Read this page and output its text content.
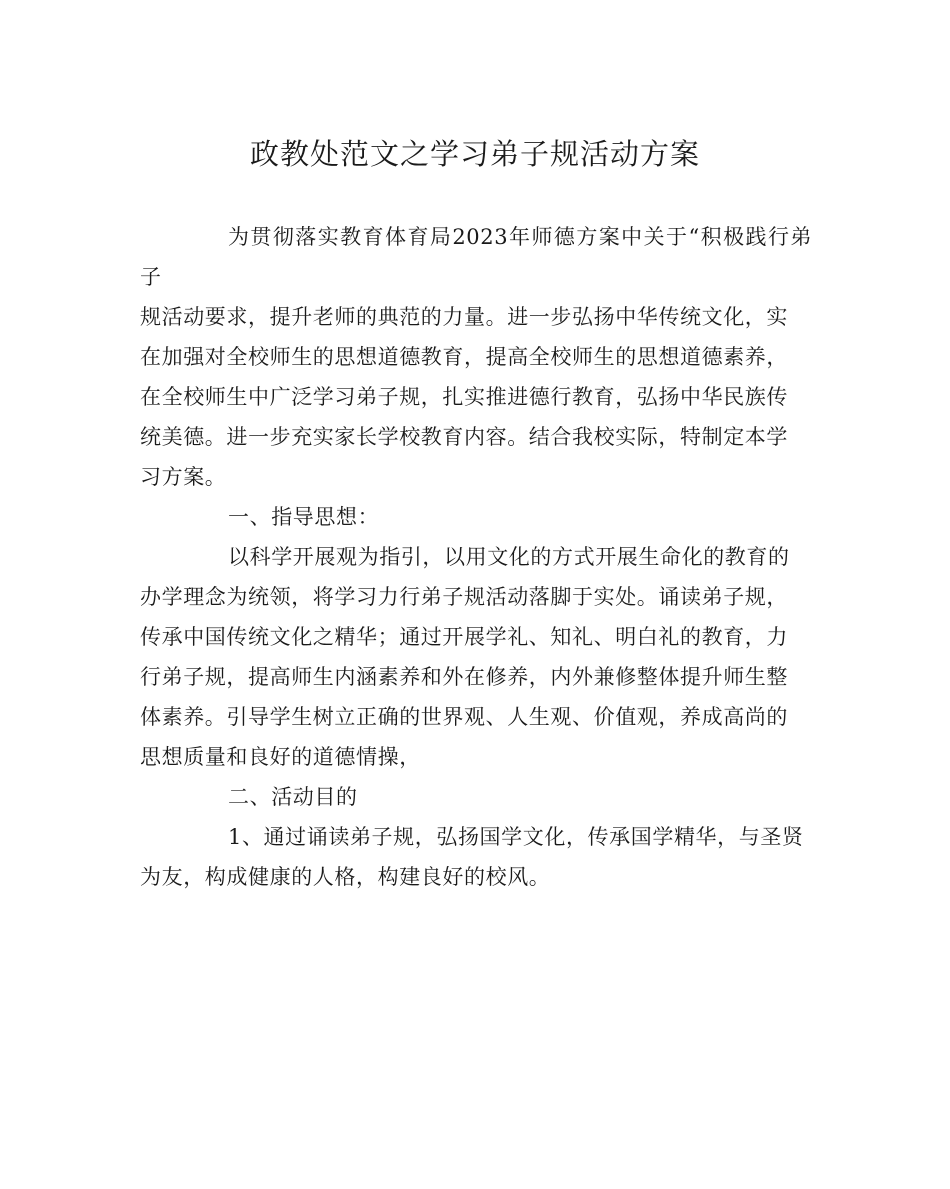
政教处范文之学习弟子规活动方案

为贯彻落实教育体育局2023年师德方案中关于“积极践行弟子
规活动要求，提升老师的典范的力量。进一步弘扬中华传统文化，实
在加强对全校师生的思想道德教育，提高全校师生的思想道德素养，
在全校师生中广泛学习弟子规，扎实推进德行教育，弘扬中华民族传
统美德。进一步充实家长学校教育内容。结合我校实际，特制定本学
习方案。

一、指导思想：

以科学开展观为指引，以用文化的方式开展生命化的教育的
办学理念为统领，将学习力行弟子规活动落脚于实处。诵读弟子规，
传承中国传统文化之精华；通过开展学礼、知礼、明白礼的教育，力
行弟子规，提高师生内涵素养和外在修养，内外兼修整体提升师生整
体素养。引导学生树立正确的世界观、人生观、价值观，养成高尚的
思想质量和良好的道德情操，

二、活动目的

1、通过诵读弟子规，弘扬国学文化，传承国学精华，与圣贤
为友，构成健康的人格，构建良好的校风。
